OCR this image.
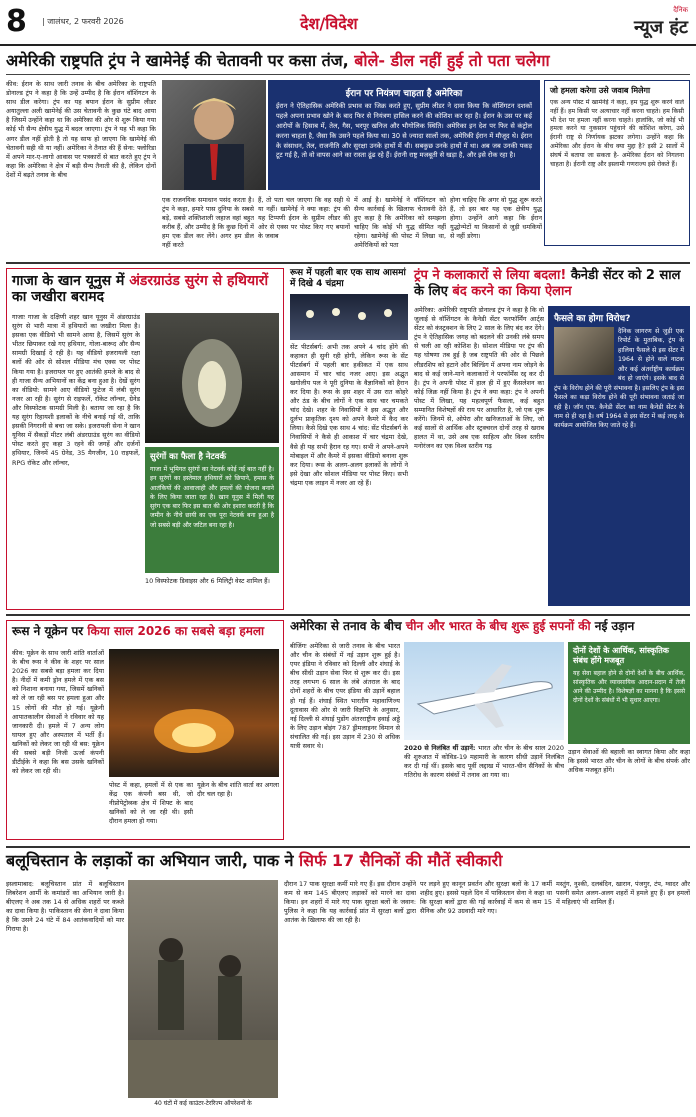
8 | जालंधर, 2 फरवरी 2026	देश/विदेश
दैनिक
न्यूज हंट
अमेरिकी राष्ट्रपति ट्रंप ने खामेनेई की चेतावनी पर कसा तंज, बोले- डील नहीं हुई तो पता चलेगा
कीव: ईरान के साथ जारी तनाव के बीच अमेरिका के राष्ट्रपति डोनाल्ड ट्रंप ने कहा है कि उन्हें उम्मीद है कि ईरान वॉशिंगटन के साथ डील करेगा। ट्रंप का यह बयान ईरान के सुप्रीम लीडर अयातुल्ला अली खामेनेई की उस चेतावनी के कुछ घंटे बाद आया है जिसमें उन्होंने कहा था कि अमेरिका की ओर से शुरू किया गया कोई भी सैन्य क्षेत्रीय युद्ध में बदल जाएगा। ट्रंप ने यह भी कहा कि अगर डील नहीं होती है तो यह साफ हो जाएगा कि खामेनेई की चेतावनी सही थी या नहीं। अमेरिका ने तैनात की हैं सेना: फ्लोरिडा में अपने मार-ए-लागो आवास पर पत्रकारों से बात करते हुए ट्रंप ने कहा कि अमेरिका ने क्षेत्र में बड़ी सैन्य तैनाती की है, लेकिन दोनों देशों में बढ़ते तनाव के बीच
ईरान पर नियंत्रण चाहता है अमेरिका
ईरान ने ऐतिहासिक अमेरिकी प्रभाव का जिक्र करते हुए, सुप्रीम लीडर ने दावा किया कि वॉशिंगटन दशकों पहले अपना प्रभाव खोने के बाद फिर से नियंत्रण हासिल करने की कोशिश कर रहा है। ईरान के उस पर कई आरोपों के हिसाब में, तेल, गैस, भरपूर खनिज और भौगोलिक स्थिति। अमेरिका इन देश पर फिर से कंट्रोल करना चाहता है, जैसा कि उसने पहले किया था। 30 से ज्यादा सालों तक, अमेरिकी ईरान में मौजूद थे। ईरान के संसाधन, तेल, राजनीति और सुरक्षा उनके हाथों में थी। सबकुछ उनके हाथों में था। अब जब उनकी पकड़ टूट गई है, तो वो वापस आने का रास्ता ढूंढ रहे हैं। ईरानी राष्ट्र मजबूती से खड़ा है, और इसे रोक रहा है।
जो हमला करेगा उसे जवाब मिलेगा
एक अन्य पोस्ट में खामेनेई ने कहा, हम युद्ध शुरू करने वाले नहीं हैं। हम किसी पर अत्याचार नहीं करना चाहते। हम किसी भी देश पर हमला नहीं करना चाहते। हालांकि, जो कोई भी हमला करने या नुकसान पहुंचाने की कोशिश करेगा, उसे ईरानी राष्ट्र से निर्णायक झटका लगेगा। उन्होंने कहा कि अमेरिका और ईरान के बीच क्या मुद्दा है? इसी 2 सालों में संघर्ष में बताया जा सकता है- अमेरिका ईरान को निगलना चाहता है। ईरानी राष्ट्र और इस्लामी गणराज्य इसे रोकते हैं।
एक राजनयिक समाधान पसंद करता है। ट्रंप ने कहा, हमारे पास दुनिया के सबसे बड़े, सबसे शक्तिशाली जहाज वहां बहुत करीब हैं, और उम्मीद है कि कुछ दिनों में हम एक डील कर लेंगे। अगर हम डील नहीं करते
हैं, तो पता चल जाएगा कि वह सही थे या नहीं। खामेनेई ने क्या कहा: ट्रंप की यह टिप्पणी ईरान के सुप्रीम लीडर की ओर से एक्स पर पोस्ट किए गए बयानों के जवाब
में आई है। खामेनेई ने वॉशिंगटन को सैन्य कार्रवाई के खिलाफ चेतावनी देते हुए कहा है कि अमेरिका को समझना चाहिए कि कोई भी युद्ध सीमित नहीं रहेगा। खामेनेई की पोस्ट में लिखा था, अमेरिकियों को पता
होना चाहिए कि अगर वो युद्ध शुरू करते हैं, तो इस बार यह एक क्षेत्रीय युद्ध होगा। उन्होंने आगे कहा कि ईरान युद्धोन्मेटों या किसानों से जुड़ी धमकियों से नहीं डरेगा।
गाजा के खान यूनुस में अंडरग्राउंड सुरंग से हथियारों का जखीरा बरामद
गाजाः गाजा के दक्षिणी शहर खान यूनुस में अंडरग्राउंड सुरंग से भारी मात्रा में हथियारों का जखीरा मिला है। इसका एक वीडियो भी सामने आया है, जिसमें सुरंग के भीतर छिपाकर रखे गए हथियार, गोला-बारूद और सैन्य सामग्री दिखाई दे रही है। यह वीडियो इजरायली रक्षा बलों की ओर से सोशल मीडिया मंच एक्स पर पोस्ट किया गया है। इजरायल पर हुए आतंकी हमले के बाद से ही गाजा सैन्य अभियानों का केंद्र बना हुआ है। देखें सुरंग का वीडियो: सामने आए वीडियो फुटेज में लंबी सुरंग नजर आ रही है। सुरंग से राइफलें, रॉकेट लॉन्चर, ग्रेनेड और विस्फोटक सामग्री मिली है। बताया जा रहा है कि यह सुरंग रिहायशी इलाकों के नीचे बनाई गई थी, ताकि इसकी निगरानी से बचा जा सके। इजरायली सेना ने खान यूनिस में सैकड़ों मीटर लंबी अंडरग्राउंड सुरंग का वीडियो पोस्ट करते हुए कहा 3 रहने की जगहें और दर्जनों हथियार, जिनमें 45 ग्रेनेड, 35 मैगजीन, 10 राइफलें, RPG रॉकेट और लॉन्चर,
सुरंगों का फैला है नेटवर्क
गाजा में भूमिगत सुरंगों का नेटवर्क कोई नई बात नहीं है। इन सुरंगों का इस्तेमाल हथियारों को छिपाने, हमास के आतंकियों की आवाजाही और हमलों की योजना बनाने के लिए किया जाता रहा है। खान यूनुस में मिली यह सुरंग एक बार फिर इस बात की ओर इशारा करती है कि जमीन के नीचे छायी का एक पूरा नेटवर्क बना हुआ है जो सबसे बड़ी और जटिल बना रहा है।
10 विस्फोटक डिवाइस और 6 मिलिट्री वेस्ट शामिल हैं।
रूस में पहली बार एक साथ आसमां में दिखे 4 चंद्रमा
सेंट पीटर्सबर्ग: अभी तक अपने 4 चांद होंगे की कहावत ही सुनी रही होगी, लेकिन रूस के सेंट पीटर्सबर्ग में पहली बार हकीकत में एक साथ आसमान में चार चांद नजर आए। इस अद्भुत खगोलीय पल ने पूरी दुनिया के वैज्ञानिकों को हैरान कर दिया है। रूस के इस शहर में उस रात कोहरे और ठंड के बीच लोगों ने एक साथ चार चमकते चांद देखे। शहर के निवासियों ने इस अद्भुत और दुर्लभ प्राकृतिक दृश्य को अपने कैमरे में कैद कर लिया। कैसे दिखे एक साथ 4 चांद: सेंट पीटर्सबर्ग के निवासियों ने कैसे ही आकाश में चार चंद्रमा देखे, वैसे ही यह सभी हैरान रह गए। सभी ने अपने-अपने मोबाइल में और कैमरे में इसका वीडियो बनाना शुरू कर दिया। रूस के अलग-अलग इलाकों के लोगों ने इसे देखा और सोशल मीडिया पर पोस्ट किए। सभी चंद्रमा एक लाइन में नजर आ रहे हैं।
ट्रंप ने कलाकारों से लिया बदला! कैनेडी सेंटर को 2 साल के लिए बंद करने का किया ऐलान
अमेरिका: अमेरिकी राष्ट्रपति डोनाल्ड ट्रंप ने कहा है कि वो जुलाई से वॉशिंगटन के कैनेडी सेंटर फरफॉर्मिंग आर्ट्स सेंटर को कंस्ट्रक्शन के लिए 2 साल के लिए बंद कर देंगे। ट्रंप ने ऐतिहासिक जगह को बदलने की उनकी लंबे समय से चली आ रही कोशिश है। सोशल मीडिया पर ट्रंप की यह घोषणा तब हुई है जब राष्ट्रपति की ओर से पिछले लीडरशिप को हटाने और बिल्डिंग में अपना नाम जोड़ने के बाद से कई जाने-माने कलाकारों ने परफॉर्मेंस रद्द कर दी है। ट्रंप ने अपनी पोस्ट में हाल ही में हुए कैंसलेशन का कोई जिक्र नहीं किया है। ट्रंप ने क्या कहा: ट्रंप ने अपनी पोस्ट में लिखा, यह महत्वपूर्ण फैसला, कई बहुत सम्मानित विशेषज्ञों की राय पर आधारित है, जो एक शुरू करेंगे। जिनमें से, ओपेरा और खनिजताओं के लिए, जो कई सालों से आर्थिक और स्ट्रक्चरल दोनों तरह से खराब हालत में था, उसे अब एक साहित्य और विश्व स्तरीय मनोरंजन का एक विश्व स्तरीय गढ़
फैसले का होगा विरोध?
दैनिक जागरण से जुड़ी एक रिपोर्ट के मुताबिक, ट्रंप के हालिया फैसले से इस सेंटर में 1964 से होने वाले नाटक और कई अंतर्राष्ट्रीय कार्यक्रम बंद हो जाएंगे। इसके बाद से ट्रंप के विरोध होने की पूरी संभावना है। इसलिए ट्रंप के इस फैसले का कड़ा विरोध होने की पूरी संभावना जताई जा रही है। जॉन एफ. कैनेडी सेंटर का नाम कैनेडी सेंटर के नाम से ही रहा है। वर्ष 1964 से इस सेंटर में कई तरह के कार्यक्रम आयोजित किए जाते रहे हैं।
रूस ने यूक्रेन पर किया साल 2026 का सबसे बड़ा हमला
कीव: यूक्रेन के साथ जारी शांति वार्ताओं के बीच रूस ने कीव के शहर पर साल 2026 का सबसे बड़ा हमला कर दिया है। नीदों में कमी ड्रोन हमले में एक बस को निशाना बनाया गया, जिसमें खनिकों को ले जा रही बस पर हमला हुआ और 15 लोगों की मौत हो गई। यूक्रेनी आपातकालीन सेवाओं ने रविवार को यह जानकारी दी। हमले में 7 अन्य लोग घायल हुए और अस्पताल में भर्ती हैं। खनिकों को लेकर जा रही थी बस: यूक्रेन की सबसे बड़ी निजी ऊर्जा कंपनी डीटीईके ने कहा कि बस उसके खनिकों को लेकर जा रही थी।
पोस्ट में कहा, हमलों में से एक का केंद्र एक कंपनी बस थी, जो नीप्रोपेट्रोव्स्क क्षेत्र में शिफ्ट के बाद खनिकों को ले जा रही थी। इसी दौरान हमला हो गया।
यूक्रेन के बीच शांति वार्ता का अगला दौर चल रहा है।
अमेरिका से तनाव के बीच चीन और भारत के बीच शुरू हुई सपनों की नई उड़ान
बीजिंगः अमेरिका से जारी तनाव के बीच भारत और चीन के संबंधों में नई उड़ान शुरू हुई है। एयर इंडिया ने रविवार को दिल्ली और शंघाई के बीच सीधी उड़ान सेवा फिर से शुरू कर दी। इस तरह लगभग 6 साल के लंबे अंतराल के बाद दोनों शहरों के बीच एयर इंडिया की उड़ानें बहाल हो गई हैं। शंघाई स्थित भारतीय महावाणिज्य दूतावास की ओर से जारी विज्ञप्ति के अनुसार, नई दिल्ली से शंघाई पुडोंग अंतरराष्ट्रीय हवाई अड्डे के लिए उड़ान बोइंग 787 ड्रीमलाइनर विमान से संचालित की गई। इस उड़ान में 230 से अधिक यात्री सवार थे।	2020 से निलंबित थीं उड़ानें: भारत और चीन के बीच साल 2020 की शुरुआत में कोविड-19 महामारी के कारण सीधी उड़ानें निलंबित कर दी गई थीं। इसके बाद पूर्वी लद्दाख में भारत-चीन सैनिकों के बीच गतिरोध के कारण संबंधों में तनाव आ गया था।
दोनों देशों के आर्थिक, सांस्कृतिक संबंध होंगे मजबूत
यह सेवा बहाल होने से दोनों देशों के बीच आर्थिक, सांस्कृतिक और व्यावसायिक आदान-प्रदान में तेजी आने की उम्मीद है। विशेषज्ञों का मानना है कि इससे दोनों देशों के संबंधों में भी सुधार आएगा।
उड़ान सेवाओं की बहाली का स्वागत किया और कहा कि इससे भारत और चीन के लोगों के बीच संपर्क और अधिक मजबूत होंगे।
बलूचिस्तान के लड़ाकों का अभियान जारी, पाक ने सिर्फ 17 सैनिकों की मौतें स्वीकारी
इस्लामाबाद: बलूचिस्तान प्रांत में बलूचिस्तान लिबरेशन आर्मी के कमांडरों का अभियान जारी है। बीएलए ने अब तक 14 से अधिक शहरों पर कब्जे का दावा किया है। पाकिस्तान की सेना ने दावा किया है कि उसने 24 घंटे में 84 आतंकवादियों को मार गिराया है।
40 घंटों में कई काउंटर-टेररिज्म ऑपरेशनों के
दौरान 17 पाक सुरक्षा कर्मी मारे गए हैं। इस दौरान उन्होंने कम से कम 145 बीएलए लड़ाकों को मारने का दावा किया। इन शहरों में मारे गए पाक सुरक्षा बलों के जवान: पुलिस ने कहा कि यह कार्रवाई प्रांत में सुरक्षा बलों द्वारा आतंक के खिलाफ की जा रही है।
पर लड़ने हुए कानून प्रवर्तन और सुरक्षा बलों के 17 कर्मी शहीद हुए। इससे पहले दिन में पाकिस्तान सेना ने कहा था कि सुरक्षा बलों द्वारा की गई कार्रवाई में कम से कम 15 सैनिक और 92 उग्रवादी मारे गए।
मस्तुंग, नुश्की, दलबंदिन, खारान, पंजगुर, टंप, ग्वादर और पसनी समेत अलग-अलग शहरों में हमले हुए हैं। इन हमलों में महिलाएं भी शामिल हैं।
